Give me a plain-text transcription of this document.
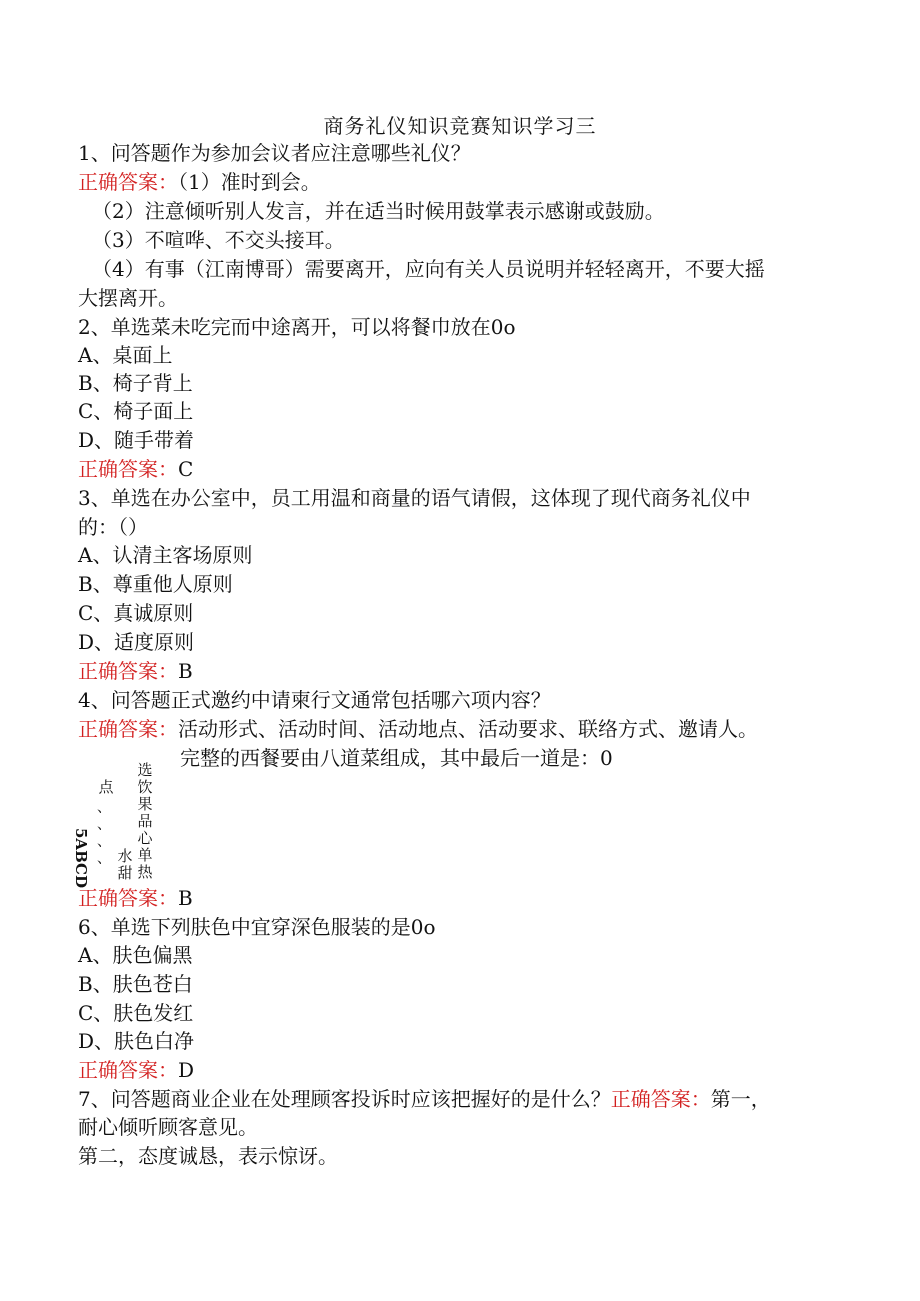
商务礼仪知识竞赛知识学习三
1、问答题作为参加会议者应注意哪些礼仪？
正确答案：（1）准时到会。
（2）注意倾听别人发言，并在适当时候用鼓掌表示感谢或鼓励。
（3）不喧哗、不交头接耳。
（4）有事（江南博哥）需要离开，应向有关人员说明并轻轻离开，不要大摇
大摆离开。
2、单选菜未吃完而中途离开，可以将餐巾放在0o
A、桌面上
B、椅子背上
C、椅子面上
D、随手带着
正确答案：C
3、单选在办公室中，员工用温和商量的语气请假，这体现了现代商务礼仪中
的：（）
A、认清主客场原则
B、尊重他人原则
C、真诚原则
D、适度原则
正确答案：B
4、问答题正式邀约中请柬行文通常包括哪六项内容？
正确答案：活动形式、活动时间、活动地点、活动要求、联络方式、邀请人。
完整的西餐要由八道菜组成，其中最后一道是：0
5ABCD
、
、
、
、
点
水
甜
选
饮
果
品
心
单
热
正确答案：B
6、单选下列肤色中宜穿深色服装的是0o
A、肤色偏黑
B、肤色苍白
C、肤色发红
D、肤色白净
正确答案：D
7、问答题商业企业在处理顾客投诉时应该把握好的是什么？正确答案：第一，
耐心倾听顾客意见。
第二，态度诚恳，表示惊讶。
